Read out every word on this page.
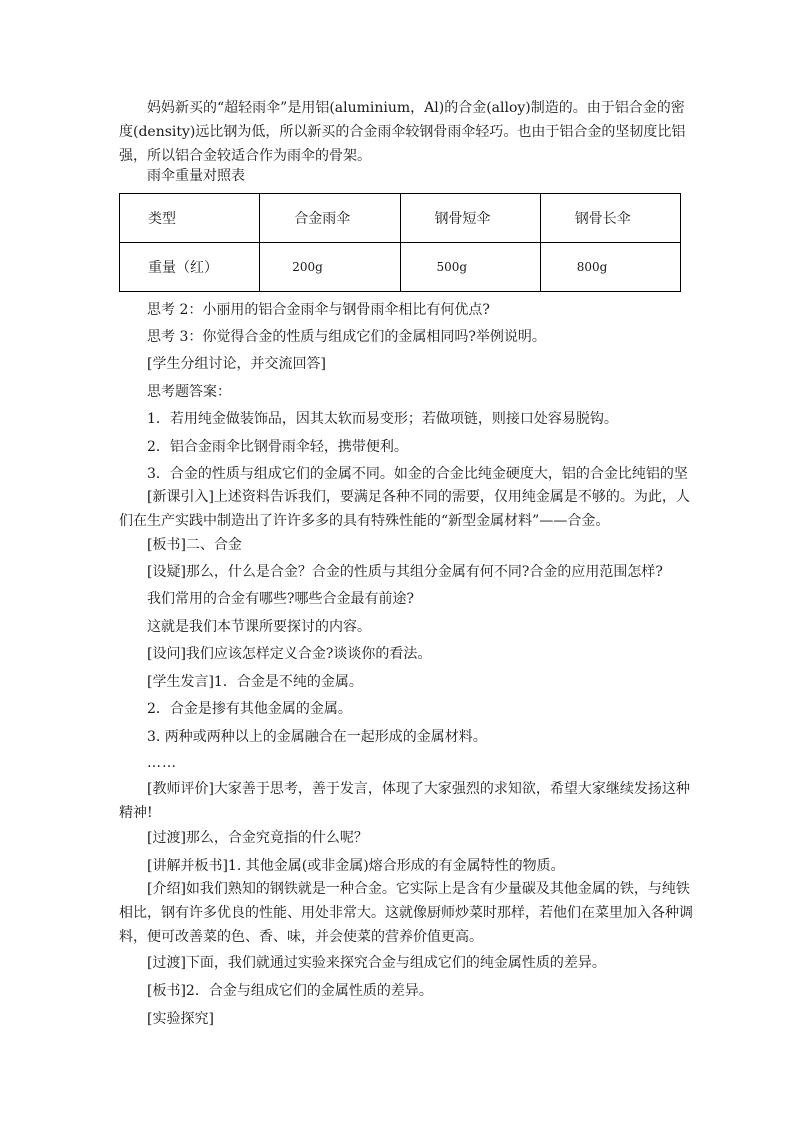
妈妈新买的“超轻雨伞”是用铝(aluminium，Al)的合金(alloy)制造的。由于铝合金的密度(density)远比钢为低，所以新买的合金雨伞较钢骨雨伞轻巧。也由于铝合金的坚韧度比铝强，所以铝合金较适合作为雨伞的骨架。

雨伞重量对照表

类型	合金雨伞	钢骨短伞	钢骨长伞
重量（红）	200g	500g	800g

思考 2：小丽用的铝合金雨伞与钢骨雨伞相比有何优点?

思考 3：你觉得合金的性质与组成它们的金属相同吗?举例说明。

[学生分组讨论，并交流回答]

思考题答案：

1．若用纯金做装饰品，因其太软而易变形；若做项链，则接口处容易脱钩。

2．铝合金雨伞比钢骨雨伞轻，携带便利。

3．合金的性质与组成它们的金属不同。如金的合金比纯金硬度大，铝的合金比纯铝的坚

[新课引入]上述资料告诉我们，要满足各种不同的需要，仅用纯金属是不够的。为此，人们在生产实践中制造出了许许多多的具有特殊性能的“新型金属材料”——合金。

[板书]二、合金

[设疑]那么，什么是合金？合金的性质与其组分金属有何不同?合金的应用范围怎样?

我们常用的合金有哪些?哪些合金最有前途?

这就是我们本节课所要探讨的内容。

[设问]我们应该怎样定义合金?谈谈你的看法。

[学生发言]1．合金是不纯的金属。

2．合金是掺有其他金属的金属。

3. 两种或两种以上的金属融合在一起形成的金属材料。

……

[教师评价]大家善于思考，善于发言，体现了大家强烈的求知欲，希望大家继续发扬这种精神!

[过渡]那么，合金究竟指的什么呢？

[讲解并板书]1. 其他金属(或非金属)熔合形成的有金属特性的物质。

[介绍]如我们熟知的钢铁就是一种合金。它实际上是含有少量碳及其他金属的铁，与纯铁相比，钢有许多优良的性能、用处非常大。这就像厨师炒菜时那样，若他们在菜里加入各种调料，便可改善菜的色、香、味，并会使菜的营养价值更高。

[过渡]下面，我们就通过实验来探究合金与组成它们的纯金属性质的差异。

[板书]2．合金与组成它们的金属性质的差异。

[实验探究]
